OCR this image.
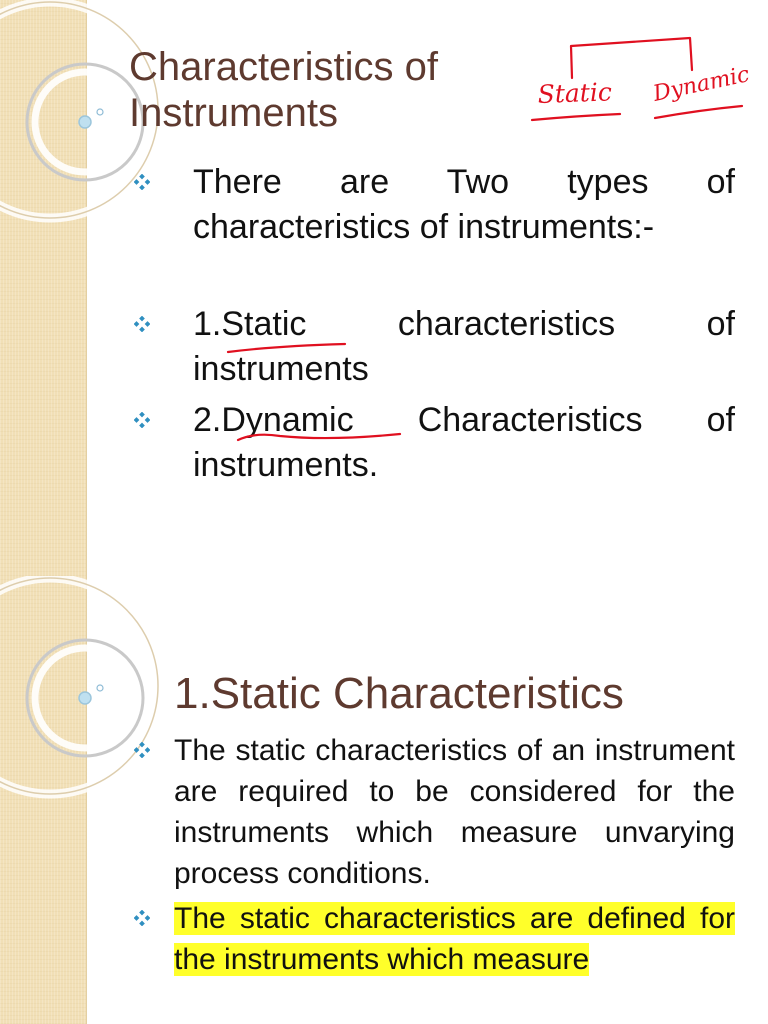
Characteristics of Instruments
There are Two types of characteristics of instruments:-
1.Static characteristics of instruments
2.Dynamic Characteristics of instruments.
Static Dynamic
1.Static Characteristics
The static characteristics of an instrument are required to be considered for the instruments which measure unvarying process conditions.
The static characteristics are defined for the instruments which measure
